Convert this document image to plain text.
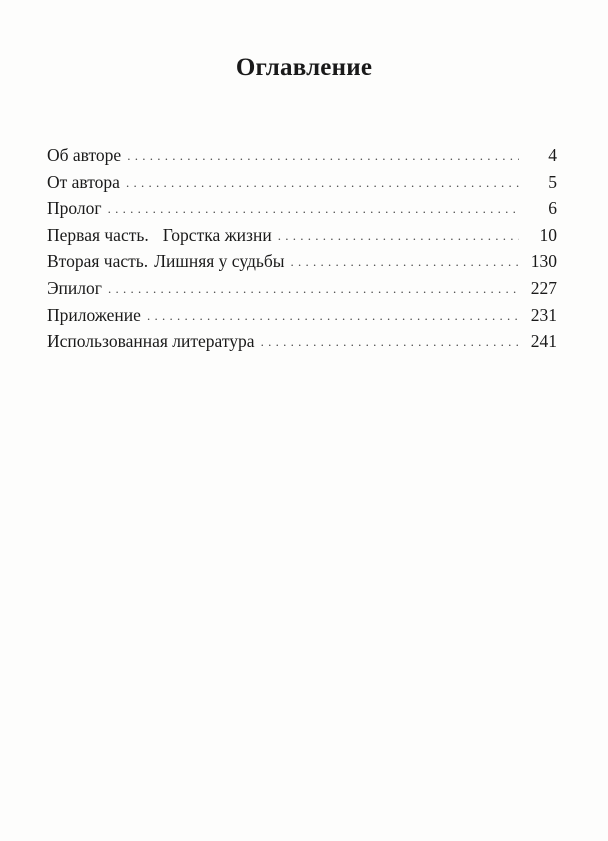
Оглавление
Об авторе . . .	4
От автора . . .	5
Пролог . . .	6
Первая часть. Горстка жизни . . .	10
Вторая часть. Лишняя у судьбы . . .	130
Эпилог . . .	227
Приложение . . .	231
Использованная литература . . .	241
